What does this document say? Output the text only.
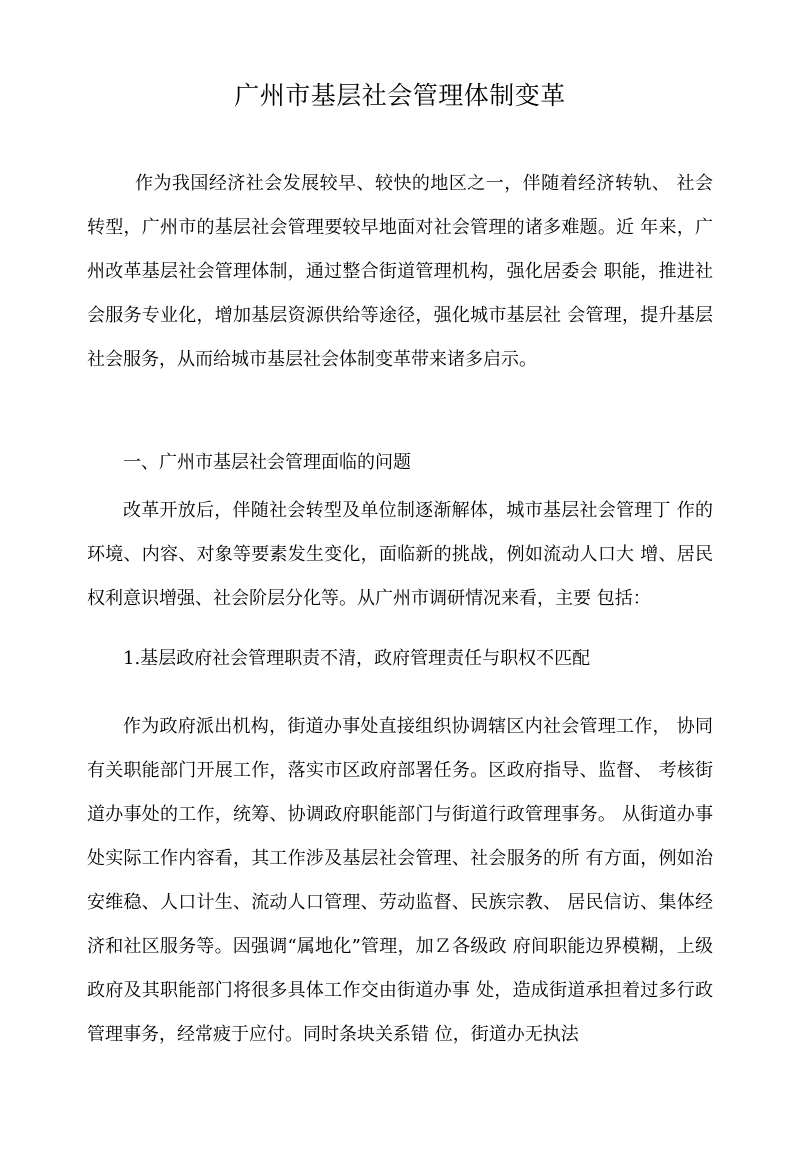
广州市基层社会管理体制变革

作为我国经济社会发展较早、较快的地区之一，伴随着经济转轨、 社会转型，广州市的基层社会管理要较早地面对社会管理的诸多难题。近 年来，广州改革基层社会管理体制，通过整合街道管理机构，强化居委会 职能，推进社会服务专业化，增加基层资源供给等途径，强化城市基层社 会管理，提升基层社会服务，从而给城市基层社会体制变革带来诸多启示。

一、广州市基层社会管理面临的问题

改革开放后，伴随社会转型及单位制逐渐解体，城市基层社会管理丁 作的环境、内容、对象等要素发生变化，面临新的挑战，例如流动人口大 增、居民权利意识增强、社会阶层分化等。从广州市调研情况来看，主要 包括：

1.基层政府社会管理职责不清，政府管理责任与职权不匹配

作为政府派出机构，街道办事处直接组织协调辖区内社会管理工作， 协同有关职能部门开展工作，落实市区政府部署任务。区政府指导、监督、 考核街道办事处的工作，统筹、协调政府职能部门与街道行政管理事务。 从街道办事处实际工作内容看，其工作涉及基层社会管理、社会服务的所 有方面，例如治安维稳、人口计生、流动人口管理、劳动监督、民族宗教、 居民信访、集体经济和社区服务等。因强调“属地化”管理，加Ｚ各级政 府间职能边界模糊，上级政府及其职能部门将很多具体工作交由街道办事 处，造成街道承担着过多行政管理事务，经常疲于应付。同时条块关系错 位，街道办无执法
